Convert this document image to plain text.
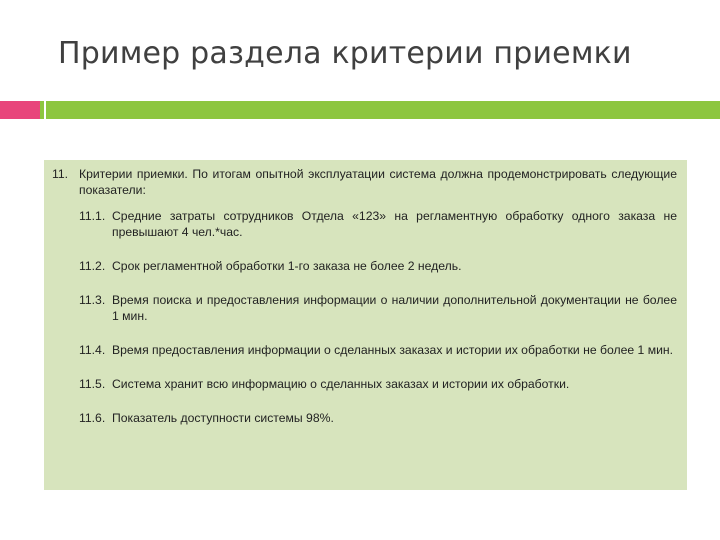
Пример раздела критерии приемки
11. Критерии приемки. По итогам опытной эксплуатации система должна продемонстрировать следующие показатели:
11.1. Средние затраты сотрудников Отдела «123» на регламентную обработку одного заказа не превышают 4 чел.*час.
11.2. Срок регламентной обработки 1-го заказа не более 2 недель.
11.3. Время поиска и предоставления информации о наличии дополнительной документации не более 1 мин.
11.4. Время предоставления информации о сделанных заказах и истории их обработки не более 1 мин.
11.5. Система хранит всю информацию о сделанных заказах и истории их обработки.
11.6. Показатель доступности системы 98%.
